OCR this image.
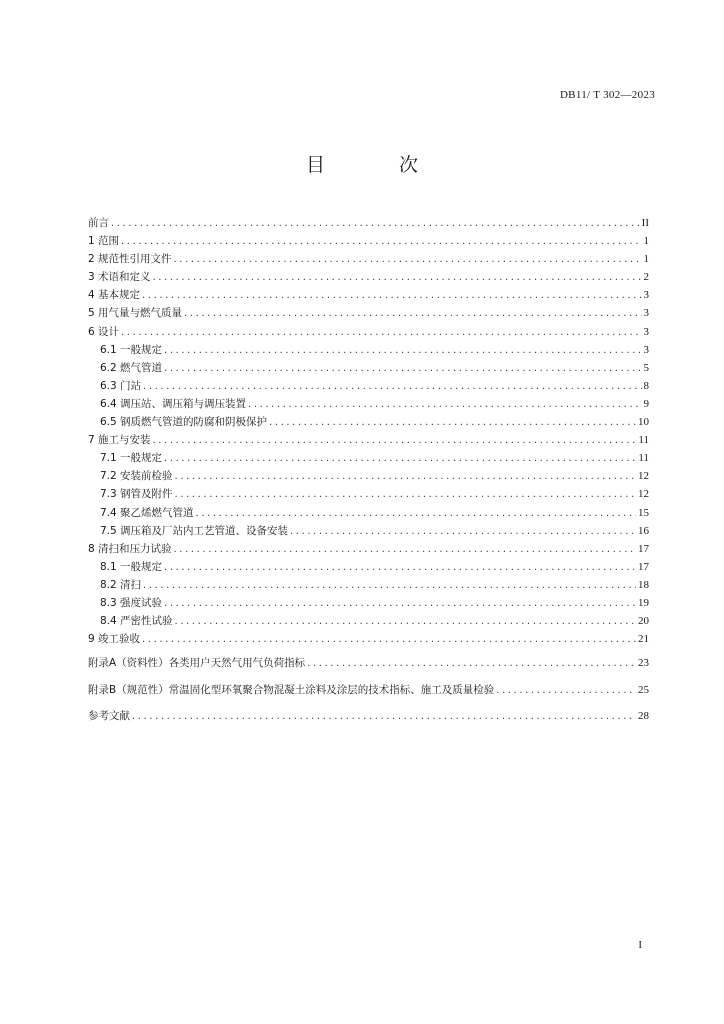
DB11/ T 302—2023
目 次
前言 .....	II
1 范围 .....	1
2 规范性引用文件 .....	1
3 术语和定义 .....	2
4 基本规定 .....	3
5 用气量与燃气质量 .....	3
6 设计 .....	3
6.1 一般规定 .....	3
6.2 燃气管道 .....	5
6.3 门站 .....	8
6.4 调压站、调压箱与调压装置 .....	9
6.5 钢质燃气管道的防腐和阴极保护 .....	10
7 施工与安装 .....	11
7.1 一般规定 .....	11
7.2 安装前检验 .....	12
7.3 钢管及附件 .....	12
7.4 聚乙烯燃气管道 .....	15
7.5 调压箱及厂站内工艺管道、设备安装 .....	16
8 清扫和压力试验 .....	17
8.1 一般规定 .....	17
8.2 清扫 .....	18
8.3 强度试验 .....	19
8.4 严密性试验 .....	20
9 竣工验收 .....	21
附录A（资料性）各类用户天然气用气负荷指标 .....	23
附录B（规范性）常温固化型环氧聚合物混凝土涂料及涂层的技术指标、施工及质量检验 .....	25
参考文献 .....	28
I
